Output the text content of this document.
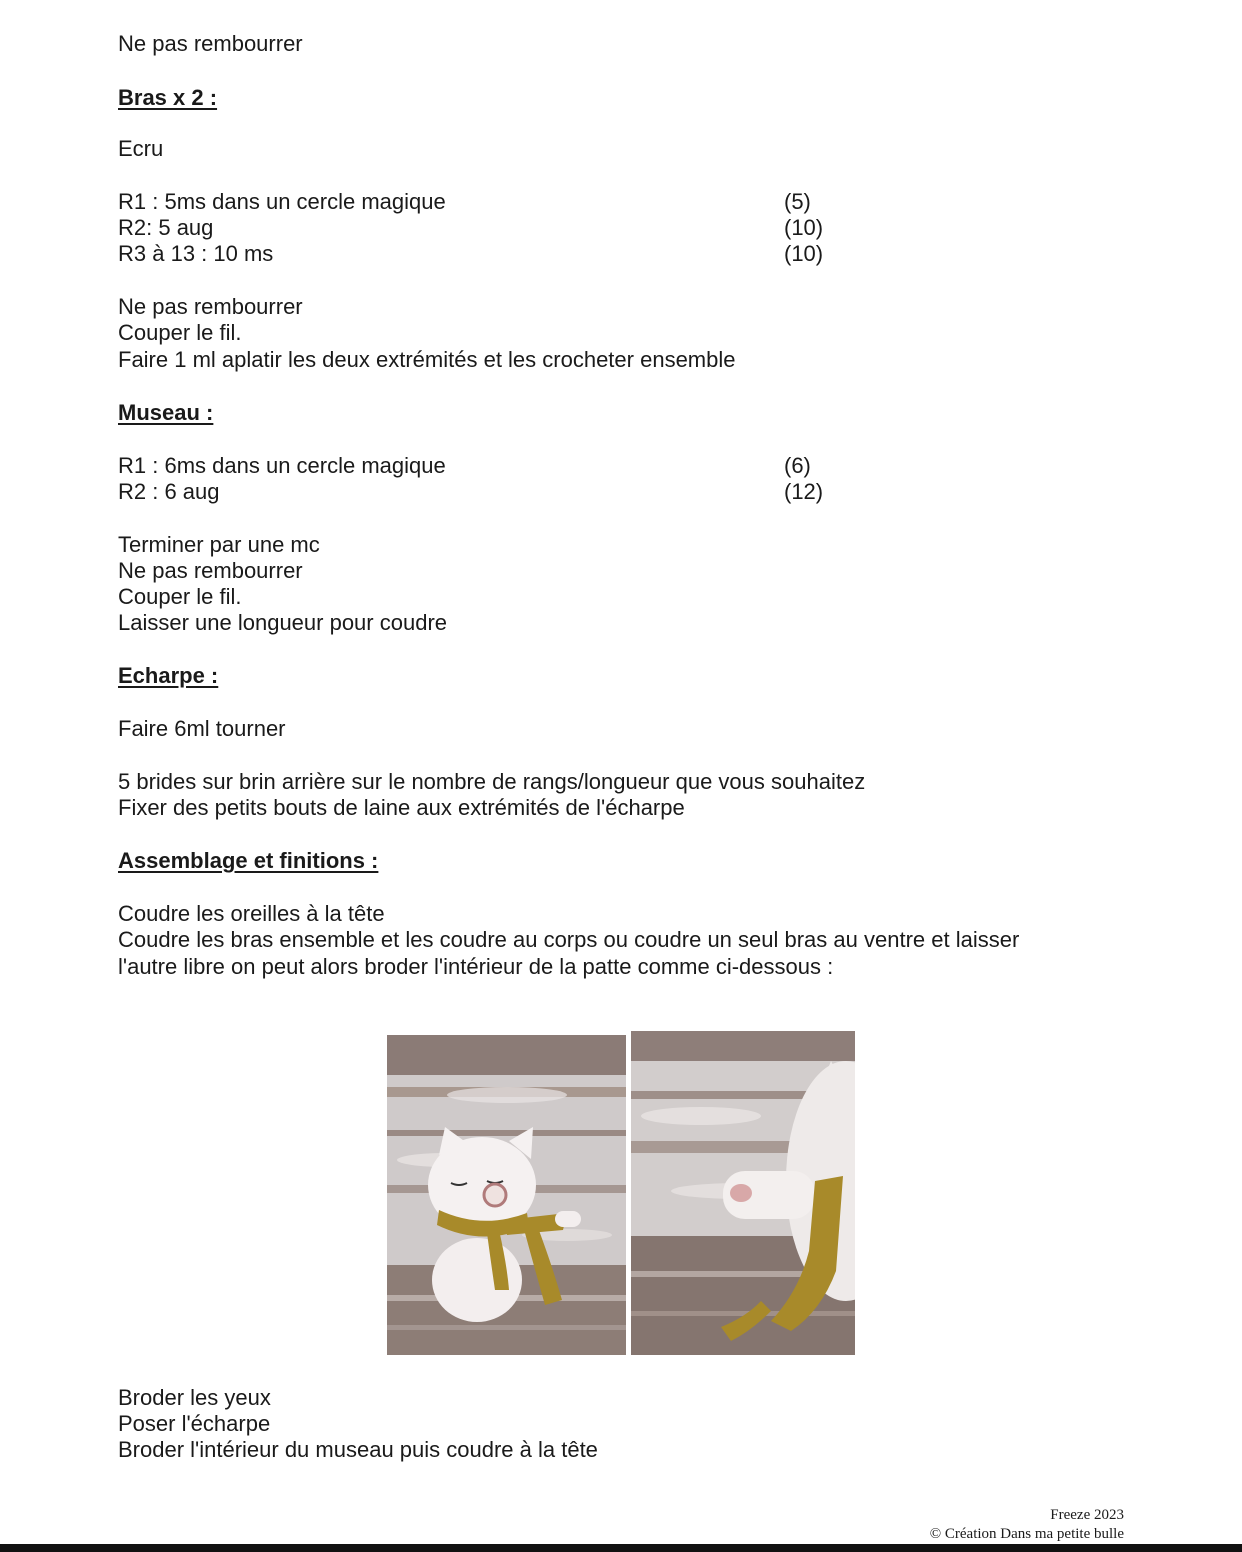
Ne pas rembourrer
Bras x 2 :
Ecru
R1 : 5ms dans un cercle magique	(5)
R2: 5 aug	(10)
R3 à 13 : 10 ms	(10)
Ne pas rembourrer
Couper le fil.
Faire 1 ml aplatir les deux extrémités et les crocheter ensemble
Museau :
R1 : 6ms dans un cercle magique	(6)
R2 : 6 aug	(12)
Terminer par une mc
Ne pas rembourrer
Couper le fil.
Laisser une longueur pour coudre
Echarpe :
Faire 6ml tourner
5 brides sur brin arrière sur le nombre de rangs/longueur que vous souhaitez
Fixer des petits bouts de laine aux extrémités de l'écharpe
Assemblage et finitions :
Coudre les oreilles à la tête
Coudre les bras ensemble et les coudre au corps ou coudre un seul bras au ventre et laisser
l'autre libre on peut alors broder l'intérieur de la patte comme ci-dessous :
Broder les yeux
Poser l'écharpe
Broder l'intérieur du museau puis coudre à la tête
Freeze 2023
© Création Dans ma petite bulle
